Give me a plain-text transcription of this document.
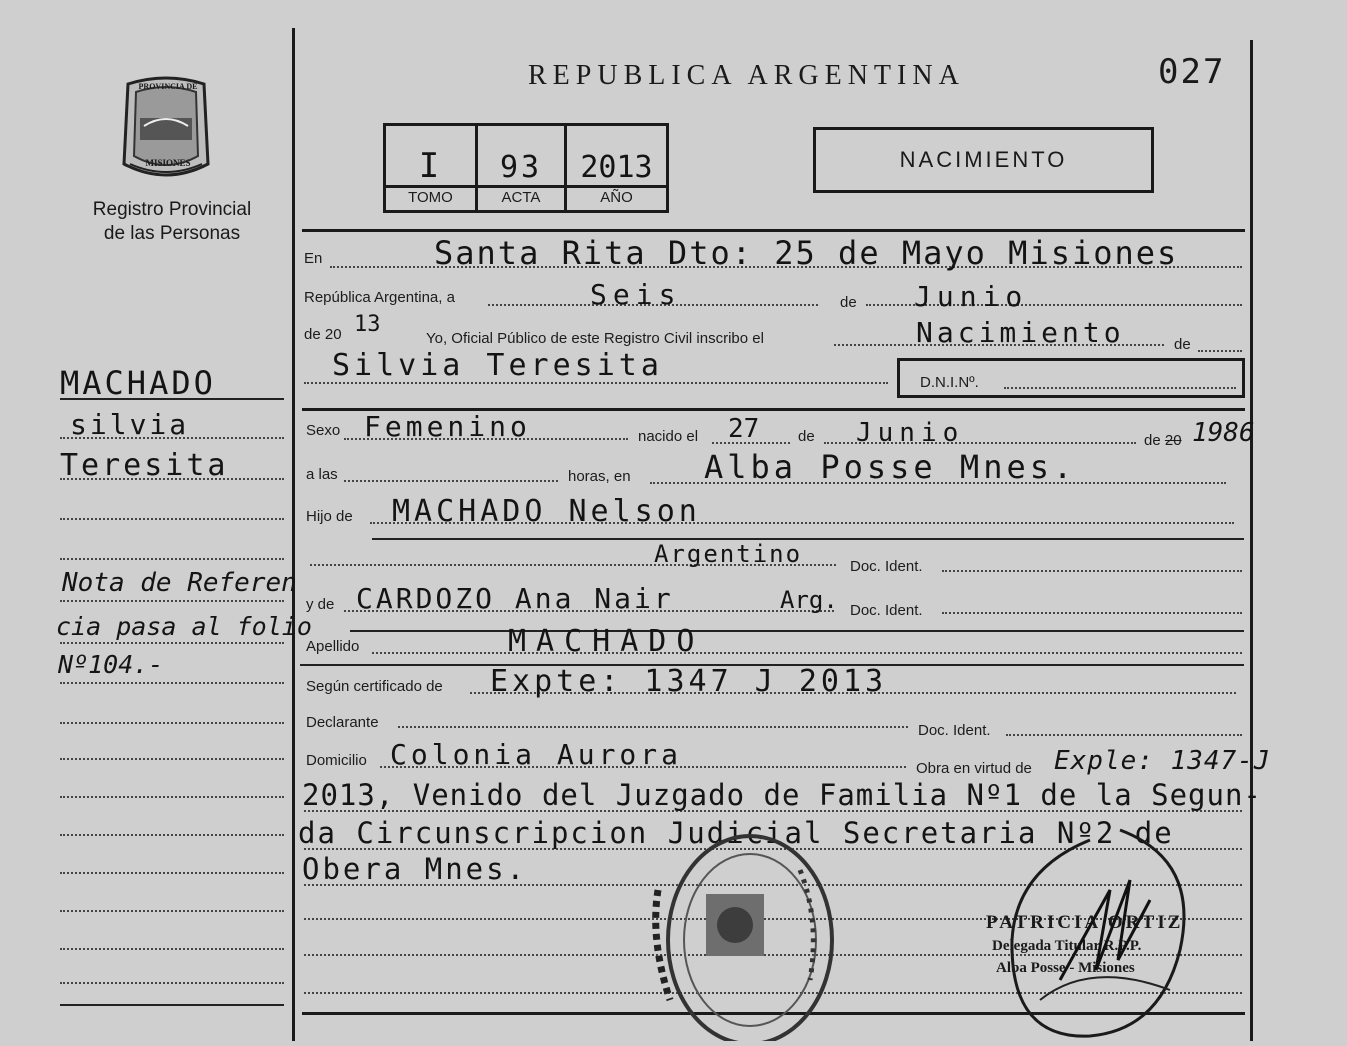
PROVINCIA DE
MISIONES
Registro Provincial
de las Personas
MACHADO
silvia
Teresita
Nota de Referen
cia pasa al folio
Nº104.-
REPUBLICA ARGENTINA	027
I	93	2013
TOMO	ACTA	AÑO
NACIMIENTO
En	Santa Rita Dto: 25 de Mayo Misiones
República Argentina, a	Seis	de Junio
de 20 13
Yo, Oficial Público de este Registro Civil inscribo el	Nacimiento	de
Silvia Teresita	D.N.I.Nº.
Sexo Femenino	nacido el 27	de Junio	de 20 1986
a las	horas, en Alba Posse Mnes.
Hijo de MACHADO Nelson
Argentino	Doc. Ident.
y de CARDOZO Ana Nair	Arg. Doc. Ident.
Apellido	MACHADO
Según certificado de Expte: 1347 J 2013
Declarante	Doc. Ident.
Domicilio Colonia Aurora	Obra en virtud de Exple: 1347-J
2013, Venido del Juzgado de Familia Nº1 de la Segun-
da Circunscripcion Judicial Secretaria Nº2 de
Obera Mnes.
PATRICIA ORTIZ
Delegada Titular R.P.P.
Alba Posse - Misiones
